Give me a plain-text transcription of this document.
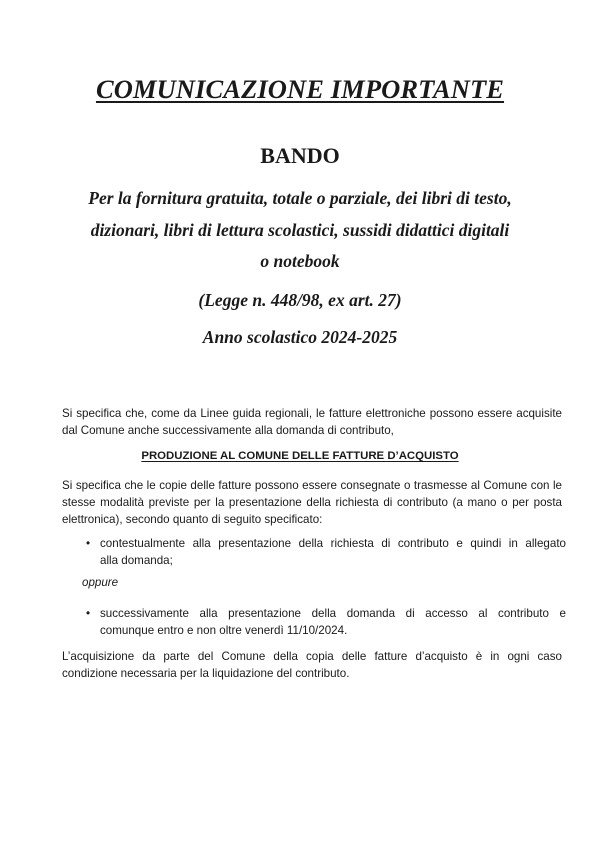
COMUNICAZIONE IMPORTANTE
BANDO
Per la fornitura gratuita, totale o parziale, dei libri di testo,
dizionari, libri di lettura scolastici, sussidi didattici digitali
o notebook
(Legge n. 448/98, ex art. 27)
Anno scolastico 2024-2025
Si specifica che, come da Linee guida regionali, le fatture elettroniche possono essere acquisite
dal Comune anche successivamente alla domanda di contributo,
PRODUZIONE AL COMUNE DELLE FATTURE D’ACQUISTO
Si specifica che le copie delle fatture possono essere consegnate o trasmesse al Comune con le
stesse modalità previste per la presentazione della richiesta di contributo (a mano o per posta
elettronica), secondo quanto di seguito specificato:
• contestualmente alla presentazione della richiesta di contributo e quindi in allegato
alla domanda;
oppure
• successivamente alla presentazione della domanda di accesso al contributo e
comunque entro e non oltre venerdì 11/10/2024.
L’acquisizione da parte del Comune della copia delle fatture d’acquisto è in ogni caso
condizione necessaria per la liquidazione del contributo.
